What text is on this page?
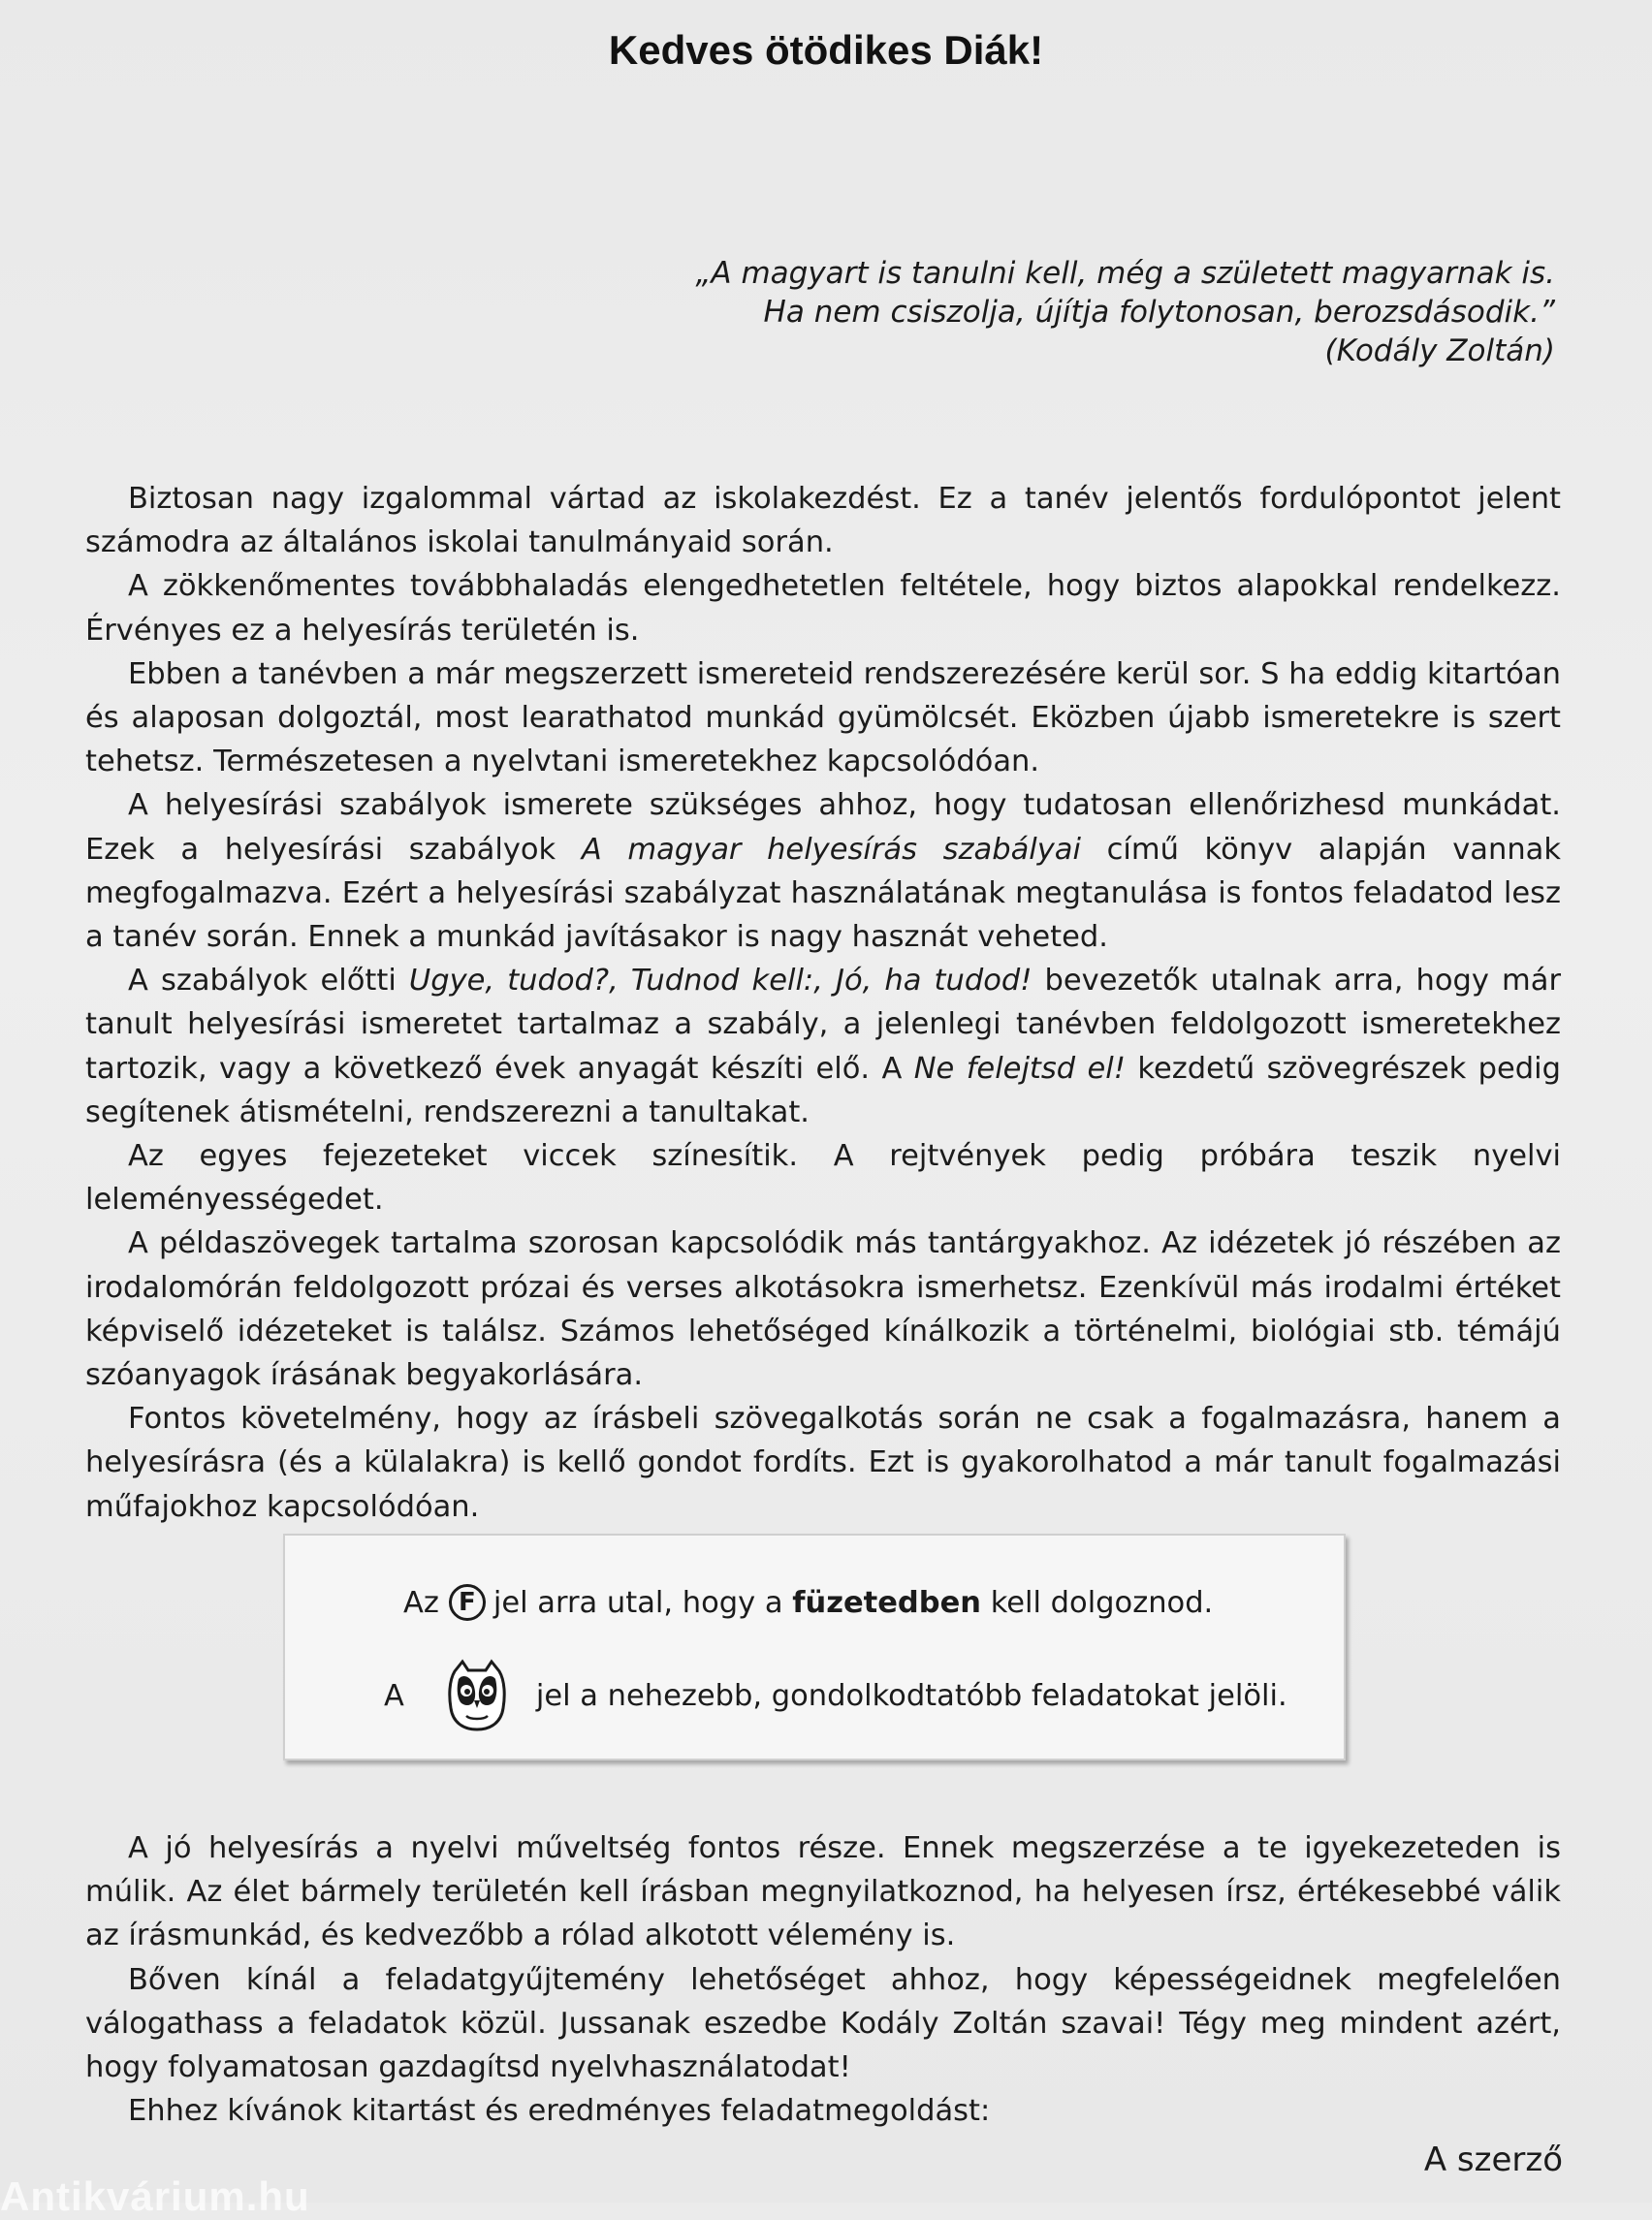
Kedves ötödikes Diák!
„A magyart is tanulni kell, még a született magyarnak is.
Ha nem csiszolja, újítja folytonosan, berozsdásodik.”
(Kodály Zoltán)

Biztosan nagy izgalommal vártad az iskolakezdést. Ez a tanév jelentős fordulópontot jelent számodra az általános iskolai tanulmányaid során.

A zökkenőmentes továbbhaladás elengedhetetlen feltétele, hogy biztos alapokkal rendelkezz. Érvényes ez a helyesírás területén is.

Ebben a tanévben a már megszerzett ismereteid rendszerezésére kerül sor. S ha eddig kitartóan és alaposan dolgoztál, most learathatod munkád gyümölcsét. Eközben újabb ismeretekre is szert tehetsz. Természetesen a nyelvtani ismeretekhez kapcsolódóan.

A helyesírási szabályok ismerete szükséges ahhoz, hogy tudatosan ellenőrizhesd munkádat. Ezek a helyesírási szabályok A magyar helyesírás szabályai című könyv alapján vannak megfogalmazva. Ezért a helyesírási szabályzat használatának megtanulása is fontos feladatod lesz a tanév során. Ennek a munkád javításakor is nagy hasznát veheted.

A szabályok előtti Ugye, tudod?, Tudnod kell:, Jó, ha tudod! bevezetők utalnak arra, hogy már tanult helyesírási ismeretet tartalmaz a szabály, a jelenlegi tanévben feldolgozott ismeretekhez tartozik, vagy a következő évek anyagát készíti elő. A Ne felejtsd el! kezdetű szövegrészek pedig segítenek átismételni, rendszerezni a tanultakat.

Az egyes fejezeteket viccek színesítik. A rejtvények pedig próbára teszik nyelvi leleményességedet.

A példaszövegek tartalma szorosan kapcsolódik más tantárgyakhoz. Az idézetek jó részében az irodalomórán feldolgozott prózai és verses alkotásokra ismerhetsz. Ezenkívül más irodalmi értéket képviselő idézeteket is találsz. Számos lehetőséged kínálkozik a történelmi, biológiai stb. témájú szóanyagok írásának begyakorlására.

Fontos követelmény, hogy az írásbeli szövegalkotás során ne csak a fogalmazásra, hanem a helyesírásra (és a külalakra) is kellő gondot fordíts. Ezt is gyakorolhatod a már tanult fogalmazási műfajokhoz kapcsolódóan.

Az F jel arra utal, hogy a füzetedben kell dolgoznod.
A	jel a nehezebb, gondolkodtatóbb feladatokat jelöli.

A jó helyesírás a nyelvi műveltség fontos része. Ennek megszerzése a te igyekezeteden is múlik. Az élet bármely területén kell írásban megnyilatkoznod, ha helyesen írsz, értékesebbé válik az írásmunkád, és kedvezőbb a rólad alkotott vélemény is.

Bőven kínál a feladatgyűjtemény lehetőséget ahhoz, hogy képességeidnek megfelelően válogathass a feladatok közül. Jussanak eszedbe Kodály Zoltán szavai! Tégy meg mindent azért, hogy folyamatosan gazdagítsd nyelvhasználatodat!

Ehhez kívánok kitartást és eredményes feladatmegoldást:

A szerző

Antikvárium.hu
